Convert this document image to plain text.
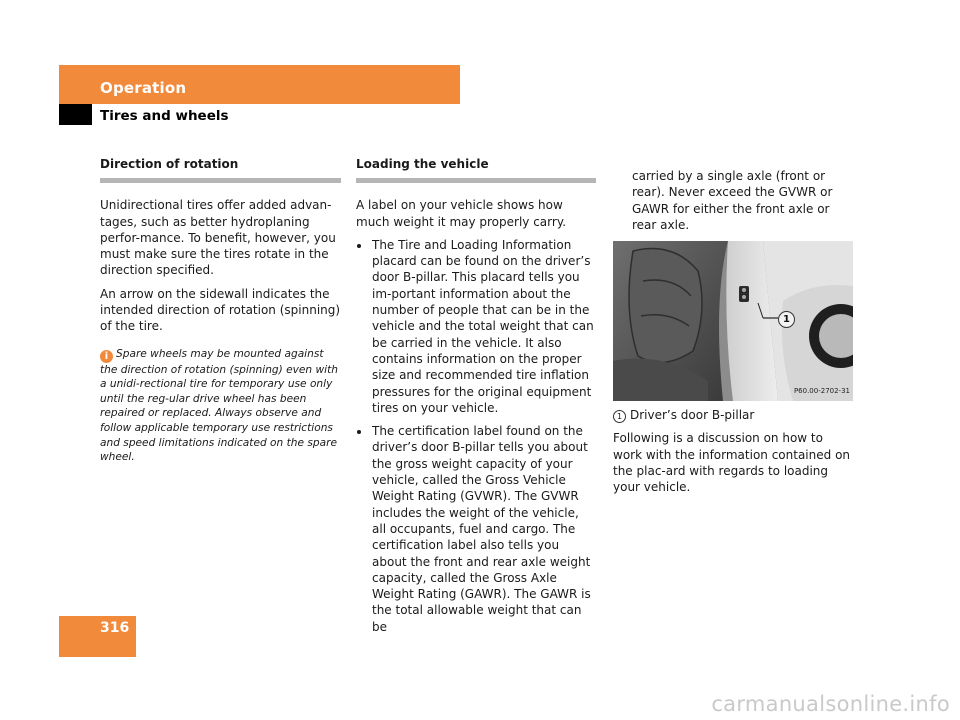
Operation
Tires and wheels
Direction of rotation

Unidirectional tires offer added advan-tages, such as better hydroplaning perfor-mance. To benefit, however, you must make sure the tires rotate in the direction specified.

An arrow on the sidewall indicates the intended direction of rotation (spinning) of the tire.

i Spare wheels may be mounted against the direction of rotation (spinning) even with a unidi-rectional tire for temporary use only until the reg-ular drive wheel has been repaired or replaced. Always observe and follow applicable temporary use restrictions and speed limitations indicated on the spare wheel.
Loading the vehicle

A label on your vehicle shows how much weight it may properly carry.

The Tire and Loading Information placard can be found on the driver’s door B-pillar. This placard tells you im-portant information about the number of people that can be in the vehicle and the total weight that can be carried in the vehicle. It also contains information on the proper size and recommended tire inflation pressures for the original equipment tires on your vehicle.
The certification label found on the driver’s door B-pillar tells you about the gross weight capacity of your vehicle, called the Gross Vehicle Weight Rating (GVWR). The GVWR includes the weight of the vehicle, all occupants, fuel and cargo. The certification label also tells you about the front and rear axle weight capacity, called the Gross Axle Weight Rating (GAWR). The GAWR is the total allowable weight that can be

carried by a single axle (front or rear). Never exceed the GVWR or GAWR for either the front axle or rear axle.

1
P60.00-2702-31
1 Driver’s door B-pillar

Following is a discussion on how to work with the information contained on the plac-ard with regards to loading your vehicle.

316
carmanualsonline.info
